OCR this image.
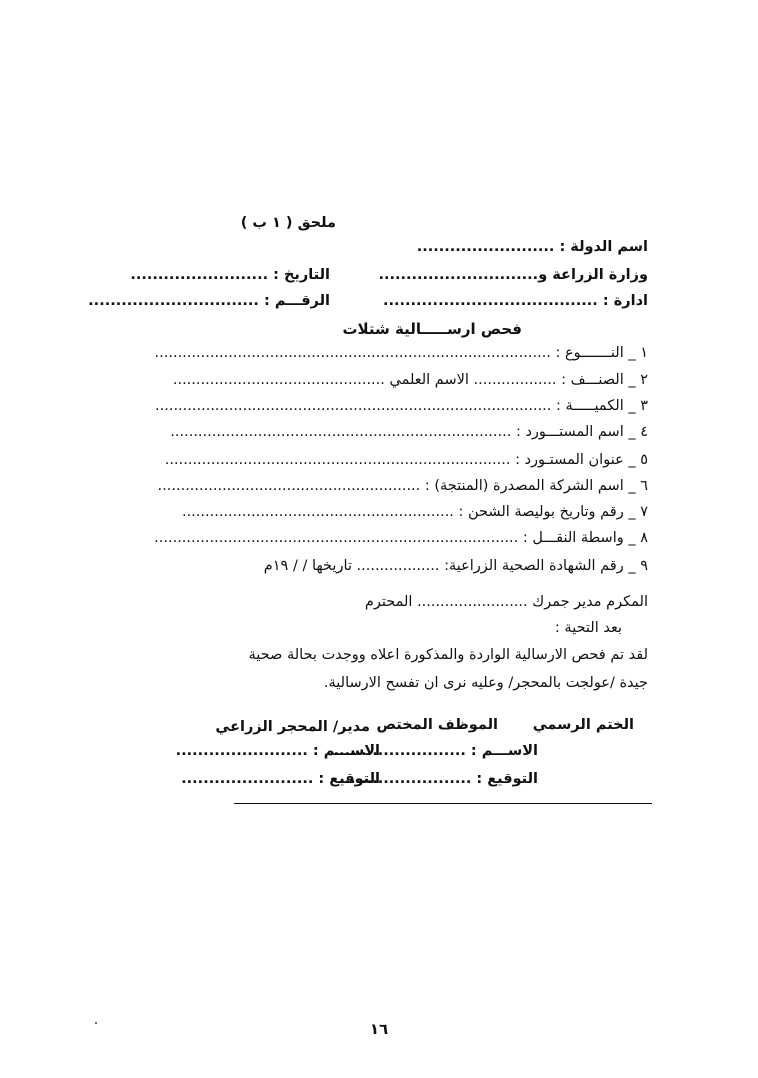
ملحق ( ١ ب )
اسم الدولة : .........................
وزارة الزراعة و.............................
التاريخ : .........................
ادارة : .......................................
الرقـــم : ...............................
فحص ارســـــالية شتلات
١ _ النـــــــوع : ......................................................................................
٢ _ الصنـــف : .................. الاسم العلمي ..............................................
٣ _ الكميـــــة : ......................................................................................
٤ _ اسم المستـــورد : ..........................................................................
٥ _ عنوان المستـورد : ...........................................................................
٦ _ اسم الشركة المصدرة (المنتجة) : .........................................................
٧ _ رقم وتاريخ بوليصة الشحن : ...........................................................
٨ _ واسطة النقـــل : ...............................................................................
٩ _ رقم الشهادة الصحية الزراعية: .................. تاريخها / / ١٩م
المكرم مدير جمرك ........................ المحترم
بعد التحية :
لقد تم فحص الارسالية الواردة والمذكورة اعلاه ووجدت بحالة صحية
جيدة /عولجت بالمحجر/ وعليه نرى ان تفسح الارسالية.
الختم الرسمي
الموظف المختص
مدير/ المحجر الزراعي
الاســـم : ........................
الاســـم : ........................
التوقيع : ........................
التوقيع : ........................
١٦
